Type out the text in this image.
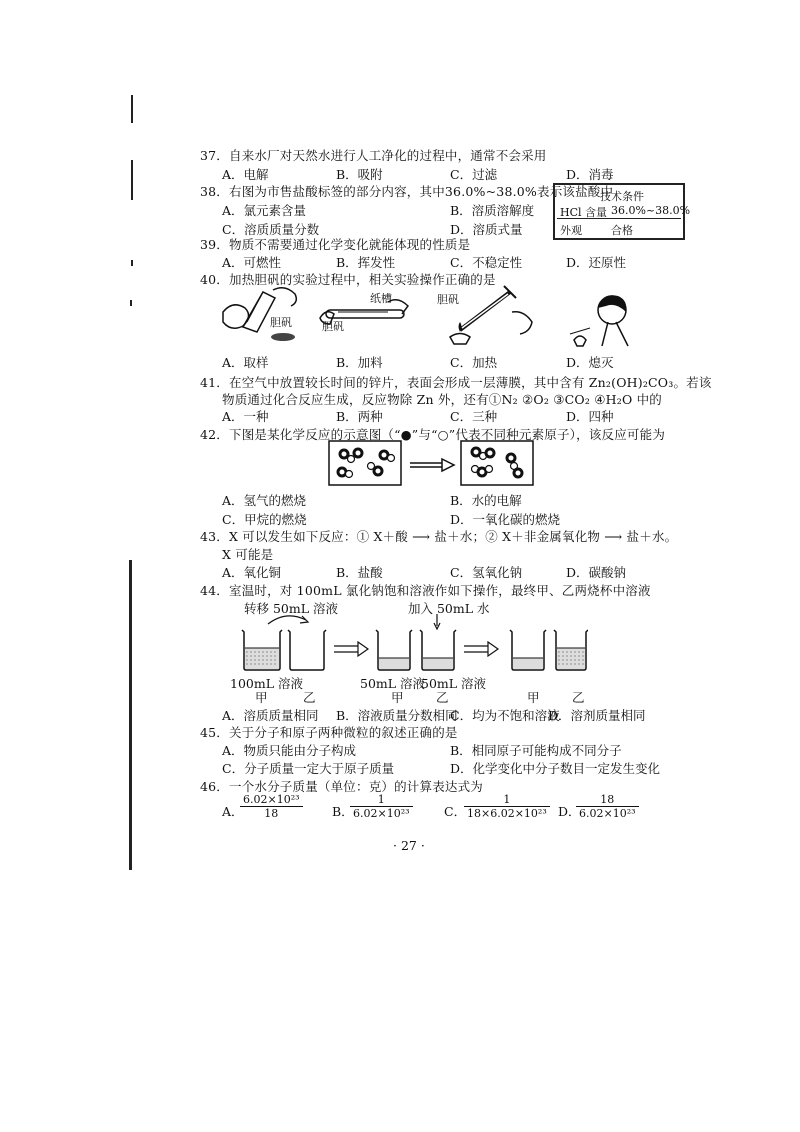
37．自来水厂对天然水进行人工净化的过程中，通常不会采用
A．电解	B．吸附	C．过滤	D．消毒
38．右图为市售盐酸标签的部分内容，其中36.0%~38.0%表示该盐酸中
A．氯元素含量	B．溶质溶解度
C．溶质质量分数	D．溶质式量
技术条件
HCl 含量 36.0%~38.0%
外观	合格
39．物质不需要通过化学变化就能体现的性质是
A．可燃性	B．挥发性	C．不稳定性	D．还原性
40．加热胆矾的实验过程中，相关实验操作正确的是
胆矾
纸槽
胆矾
胆矾
A．取样	B．加料	C．加热	D．熄灭
41．在空气中放置较长时间的锌片，表面会形成一层薄膜，其中含有 Zn₂(OH)₂CO₃。若该
物质通过化合反应生成，反应物除 Zn 外，还有①N₂ ②O₂ ③CO₂ ④H₂O 中的
A．一种	B．两种	C．三种	D．四种
42．下图是某化学反应的示意图（“●”与“○”代表不同种元素原子），该反应可能为
A．氢气的燃烧	B．水的电解
C．甲烷的燃烧	D．一氧化碳的燃烧
43．X 可以发生如下反应：① X＋酸 ⟶ 盐＋水；② X＋非金属氧化物 ⟶ 盐＋水。
X 可能是
A．氧化铜	B．盐酸	C．氢氧化钠	D．碳酸钠
44．室温时，对 100mL 氯化钠饱和溶液作如下操作，最终甲、乙两烧杯中溶液
转移 50mL 溶液	加入 50mL 水
100mL 溶液
甲	乙
50mL 溶液
50mL 溶液
甲	乙	甲	乙
A．溶质质量相同 B．溶液质量分数相同
C．均为不饱和溶液
D．溶剂质量相同
45．关于分子和原子两种微粒的叙述正确的是
A．物质只能由分子构成	B．相同原子可能构成不同分子
C．分子质量一定大于原子质量	D．化学变化中分子数目一定发生变化
46．一个水分子质量（单位：克）的计算表达式为
A．
$\frac{\text{6.02×10²³}}{18}$ B．
$\frac{1}{\text{6.02×10²³}}$	C．
$\frac{1}{\text{18×6.02×10²³}}$ D．
$\frac{18}{\text{6.02×10²³}}$
· 27 ·
